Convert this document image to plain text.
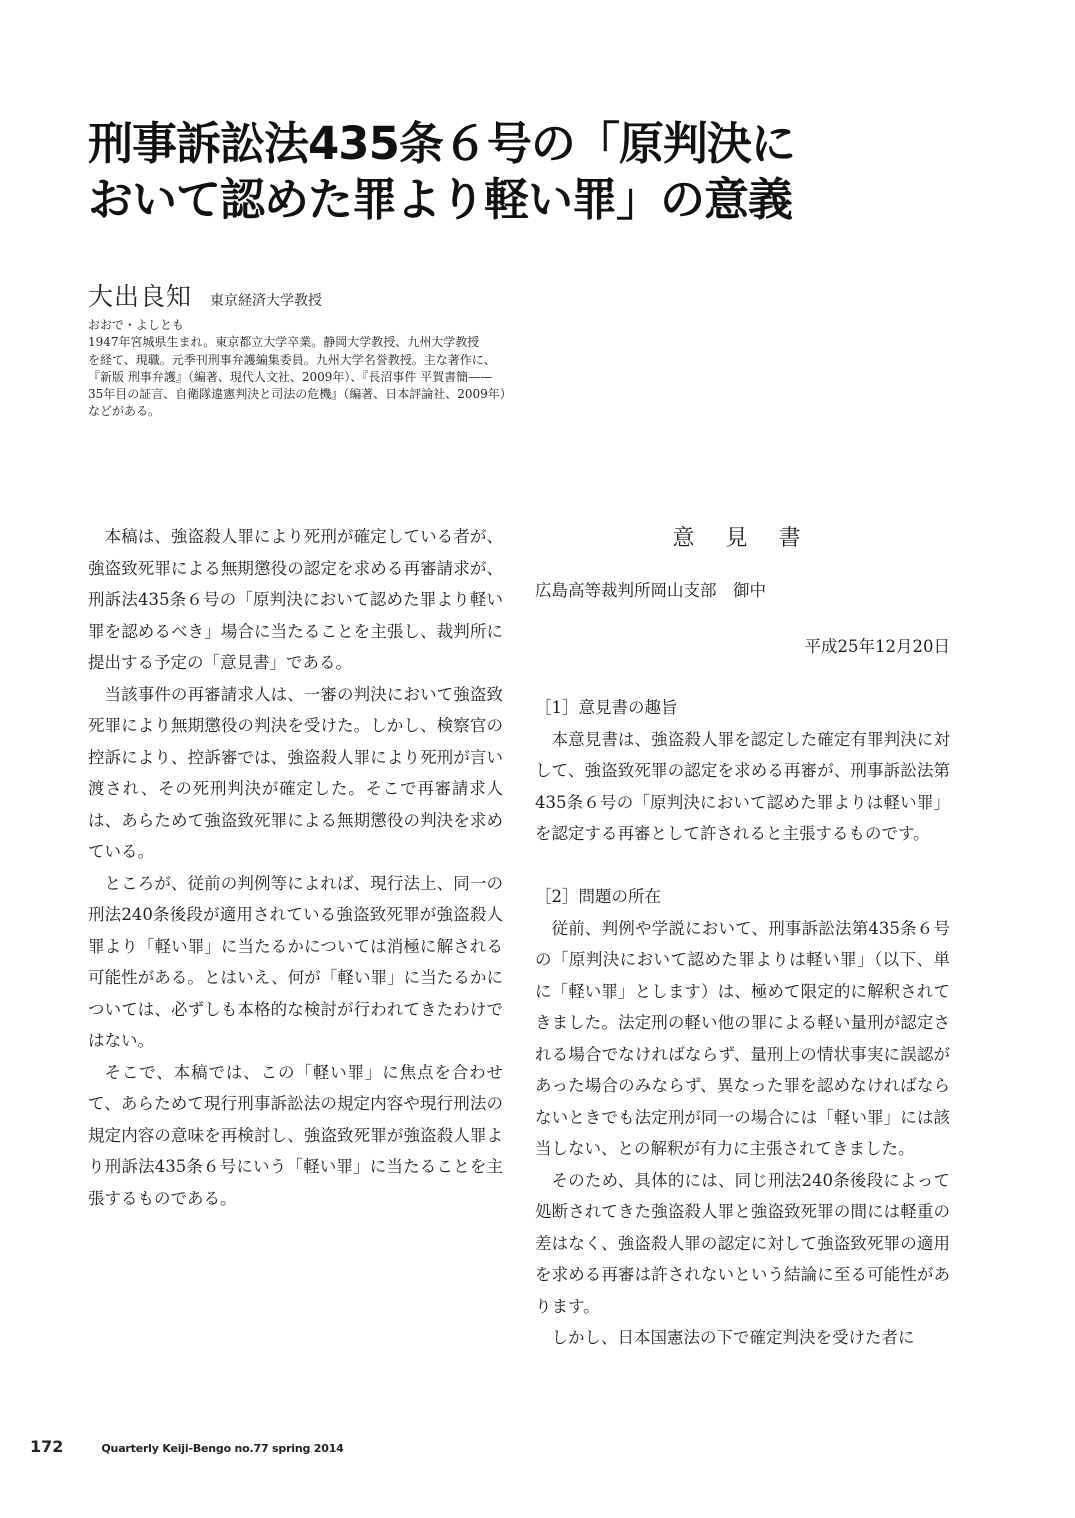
刑事訴訟法435条６号の「原判決に
おいて認めた罪より軽い罪」の意義
大出良知 東京経済大学教授
おおで・よしとも
1947年宮城県生まれ。東京都立大学卒業。静岡大学教授、九州大学教授
を経て、現職。元季刊刑事弁護編集委員。九州大学名誉教授。主な著作に、
『新版 刑事弁護』（編著、現代人文社、2009年）、『長沼事件 平賀書簡——
35年目の証言、自衛隊違憲判決と司法の危機』（編著、日本評論社、2009年）
などがある。

本稿は、強盗殺人罪により死刑が確定している者が、強盗致死罪による無期懲役の認定を求める再審請求が、刑訴法435条６号の「原判決において認めた罪より軽い罪を認めるべき」場合に当たることを主張し、裁判所に提出する予定の「意見書」である。

当該事件の再審請求人は、一審の判決において強盗致死罪により無期懲役の判決を受けた。しかし、検察官の控訴により、控訴審では、強盗殺人罪により死刑が言い渡され、その死刑判決が確定した。そこで再審請求人は、あらためて強盗致死罪による無期懲役の判決を求めている。

ところが、従前の判例等によれば、現行法上、同一の刑法240条後段が適用されている強盗致死罪が強盗殺人罪より「軽い罪」に当たるかについては消極に解される可能性がある。とはいえ、何が「軽い罪」に当たるかについては、必ずしも本格的な検討が行われてきたわけではない。

そこで、本稿では、この「軽い罪」に焦点を合わせて、あらためて現行刑事訴訟法の規定内容や現行刑法の規定内容の意味を再検討し、強盗致死罪が強盗殺人罪より刑訴法435条６号にいう「軽い罪」に当たることを主張するものである。

意 見 書
広島高等裁判所岡山支部　御中
平成25年12月20日
［1］意見書の趣旨

本意見書は、強盗殺人罪を認定した確定有罪判決に対して、強盗致死罪の認定を求める再審が、刑事訴訟法第435条６号の「原判決において認めた罪よりは軽い罪」を認定する再審として許されると主張するものです。

［2］問題の所在

従前、判例や学説において、刑事訴訟法第435条６号の「原判決において認めた罪よりは軽い罪」（以下、単に「軽い罪」とします）は、極めて限定的に解釈されてきました。法定刑の軽い他の罪による軽い量刑が認定される場合でなければならず、量刑上の情状事実に誤認があった場合のみならず、異なった罪を認めなければならないときでも法定刑が同一の場合には「軽い罪」には該当しない、との解釈が有力に主張されてきました。

そのため、具体的には、同じ刑法240条後段によって処断されてきた強盗殺人罪と強盗致死罪の間には軽重の差はなく、強盗殺人罪の認定に対して強盗致死罪の適用を求める再審は許されないという結論に至る可能性があります。

しかし、日本国憲法の下で確定判決を受けた者に

172	Quarterly Keiji-Bengo no.77 spring 2014
